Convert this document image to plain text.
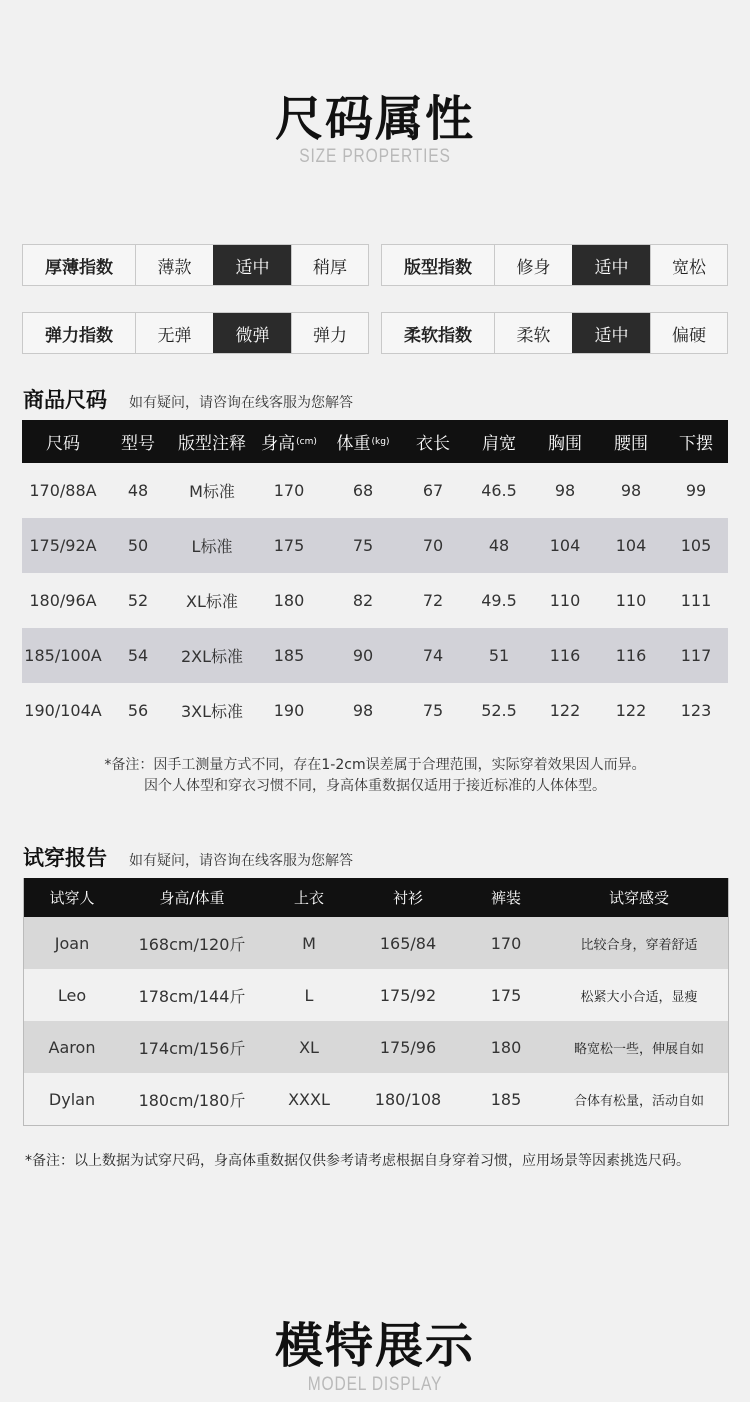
尺码属性
SIZE PROPERTIES
厚薄指数	薄款	适中	稍厚	版型指数	修身	适中	宽松
弹力指数	无弹	微弹	弹力	柔软指数	柔软	适中	偏硬
商品尺码 如有疑问，请咨询在线客服为您解答
尺码 型号 版型注释 身高 (cm) 体重 (kg) 衣长 肩宽 胸围 腰围 下摆
170/88A	48	M标准	170	68	67	46.5	98	98	99
175/92A	50	L标准	175	75	70	48	104	104	105
180/96A	52	XL标准	180	82	72	49.5	110	110	111
185/100A	54	2XL标准	185	90	74	51	116	116	117
190/104A	56	3XL标准	190	98	75	52.5	122	122	123
*备注：因手工测量方式不同，存在1-2cm误差属于合理范围，实际穿着效果因人而异。
因个人体型和穿衣习惯不同，身高体重数据仅适用于接近标准的人体体型。
试穿报告 如有疑问，请咨询在线客服为您解答
试穿人	身高/体重	上衣	衬衫	裤装	试穿感受
Joan	168cm/120斤	M	165/84	170	比较合身，穿着舒适
Leo	178cm/144斤	L	175/92	175	松紧大小合适，显瘦
Aaron	174cm/156斤	XL	175/96	180	略宽松一些，伸展自如
Dylan	180cm/180斤	XXXL	180/108	185	合体有松量，活动自如
*备注：以上数据为试穿尺码，身高体重数据仅供参考请考虑根据自身穿着习惯，应用场景等因素挑选尺码。
模特展示
MODEL DISPLAY
